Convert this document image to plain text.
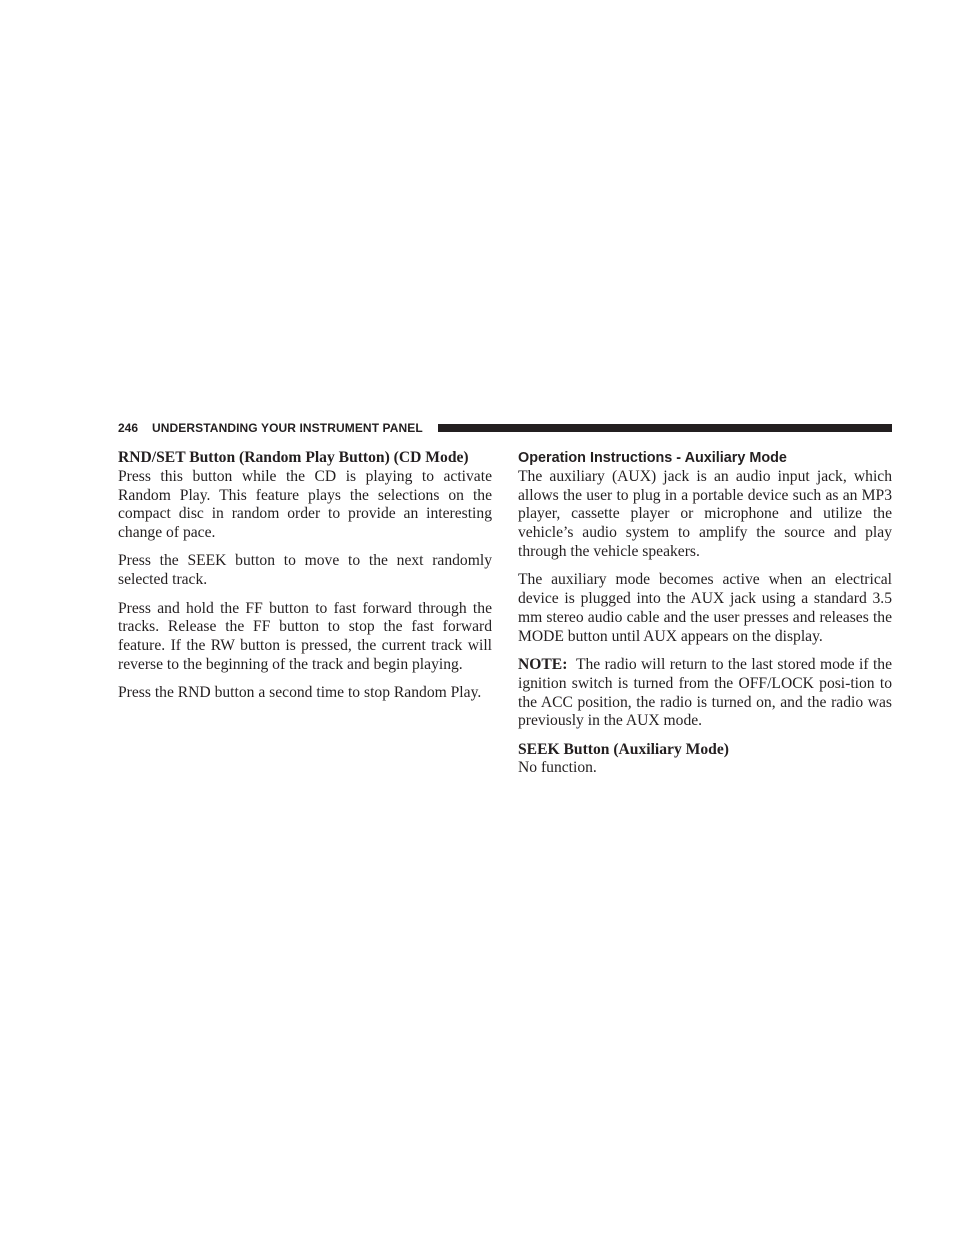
246 UNDERSTANDING YOUR INSTRUMENT PANEL
RND/SET Button (Random Play Button) (CD Mode)

Press this button while the CD is playing to activate Random Play. This feature plays the selections on the compact disc in random order to provide an interesting change of pace.

Press the SEEK button to move to the next randomly selected track.

Press and hold the FF button to fast forward through the tracks. Release the FF button to stop the fast forward feature. If the RW button is pressed, the current track will reverse to the beginning of the track and begin playing.

Press the RND button a second time to stop Random Play.

Operation Instructions - Auxiliary Mode

The auxiliary (AUX) jack is an audio input jack, which allows the user to plug in a portable device such as an MP3 player, cassette player or microphone and utilize the vehicle’s audio system to amplify the source and play through the vehicle speakers.

The auxiliary mode becomes active when an electrical device is plugged into the AUX jack using a standard 3.5 mm stereo audio cable and the user presses and releases the MODE button until AUX appears on the display.

NOTE: The radio will return to the last stored mode if the ignition switch is turned from the OFF/LOCK posi-tion to the ACC position, the radio is turned on, and the radio was previously in the AUX mode.

SEEK Button (Auxiliary Mode)

No function.
